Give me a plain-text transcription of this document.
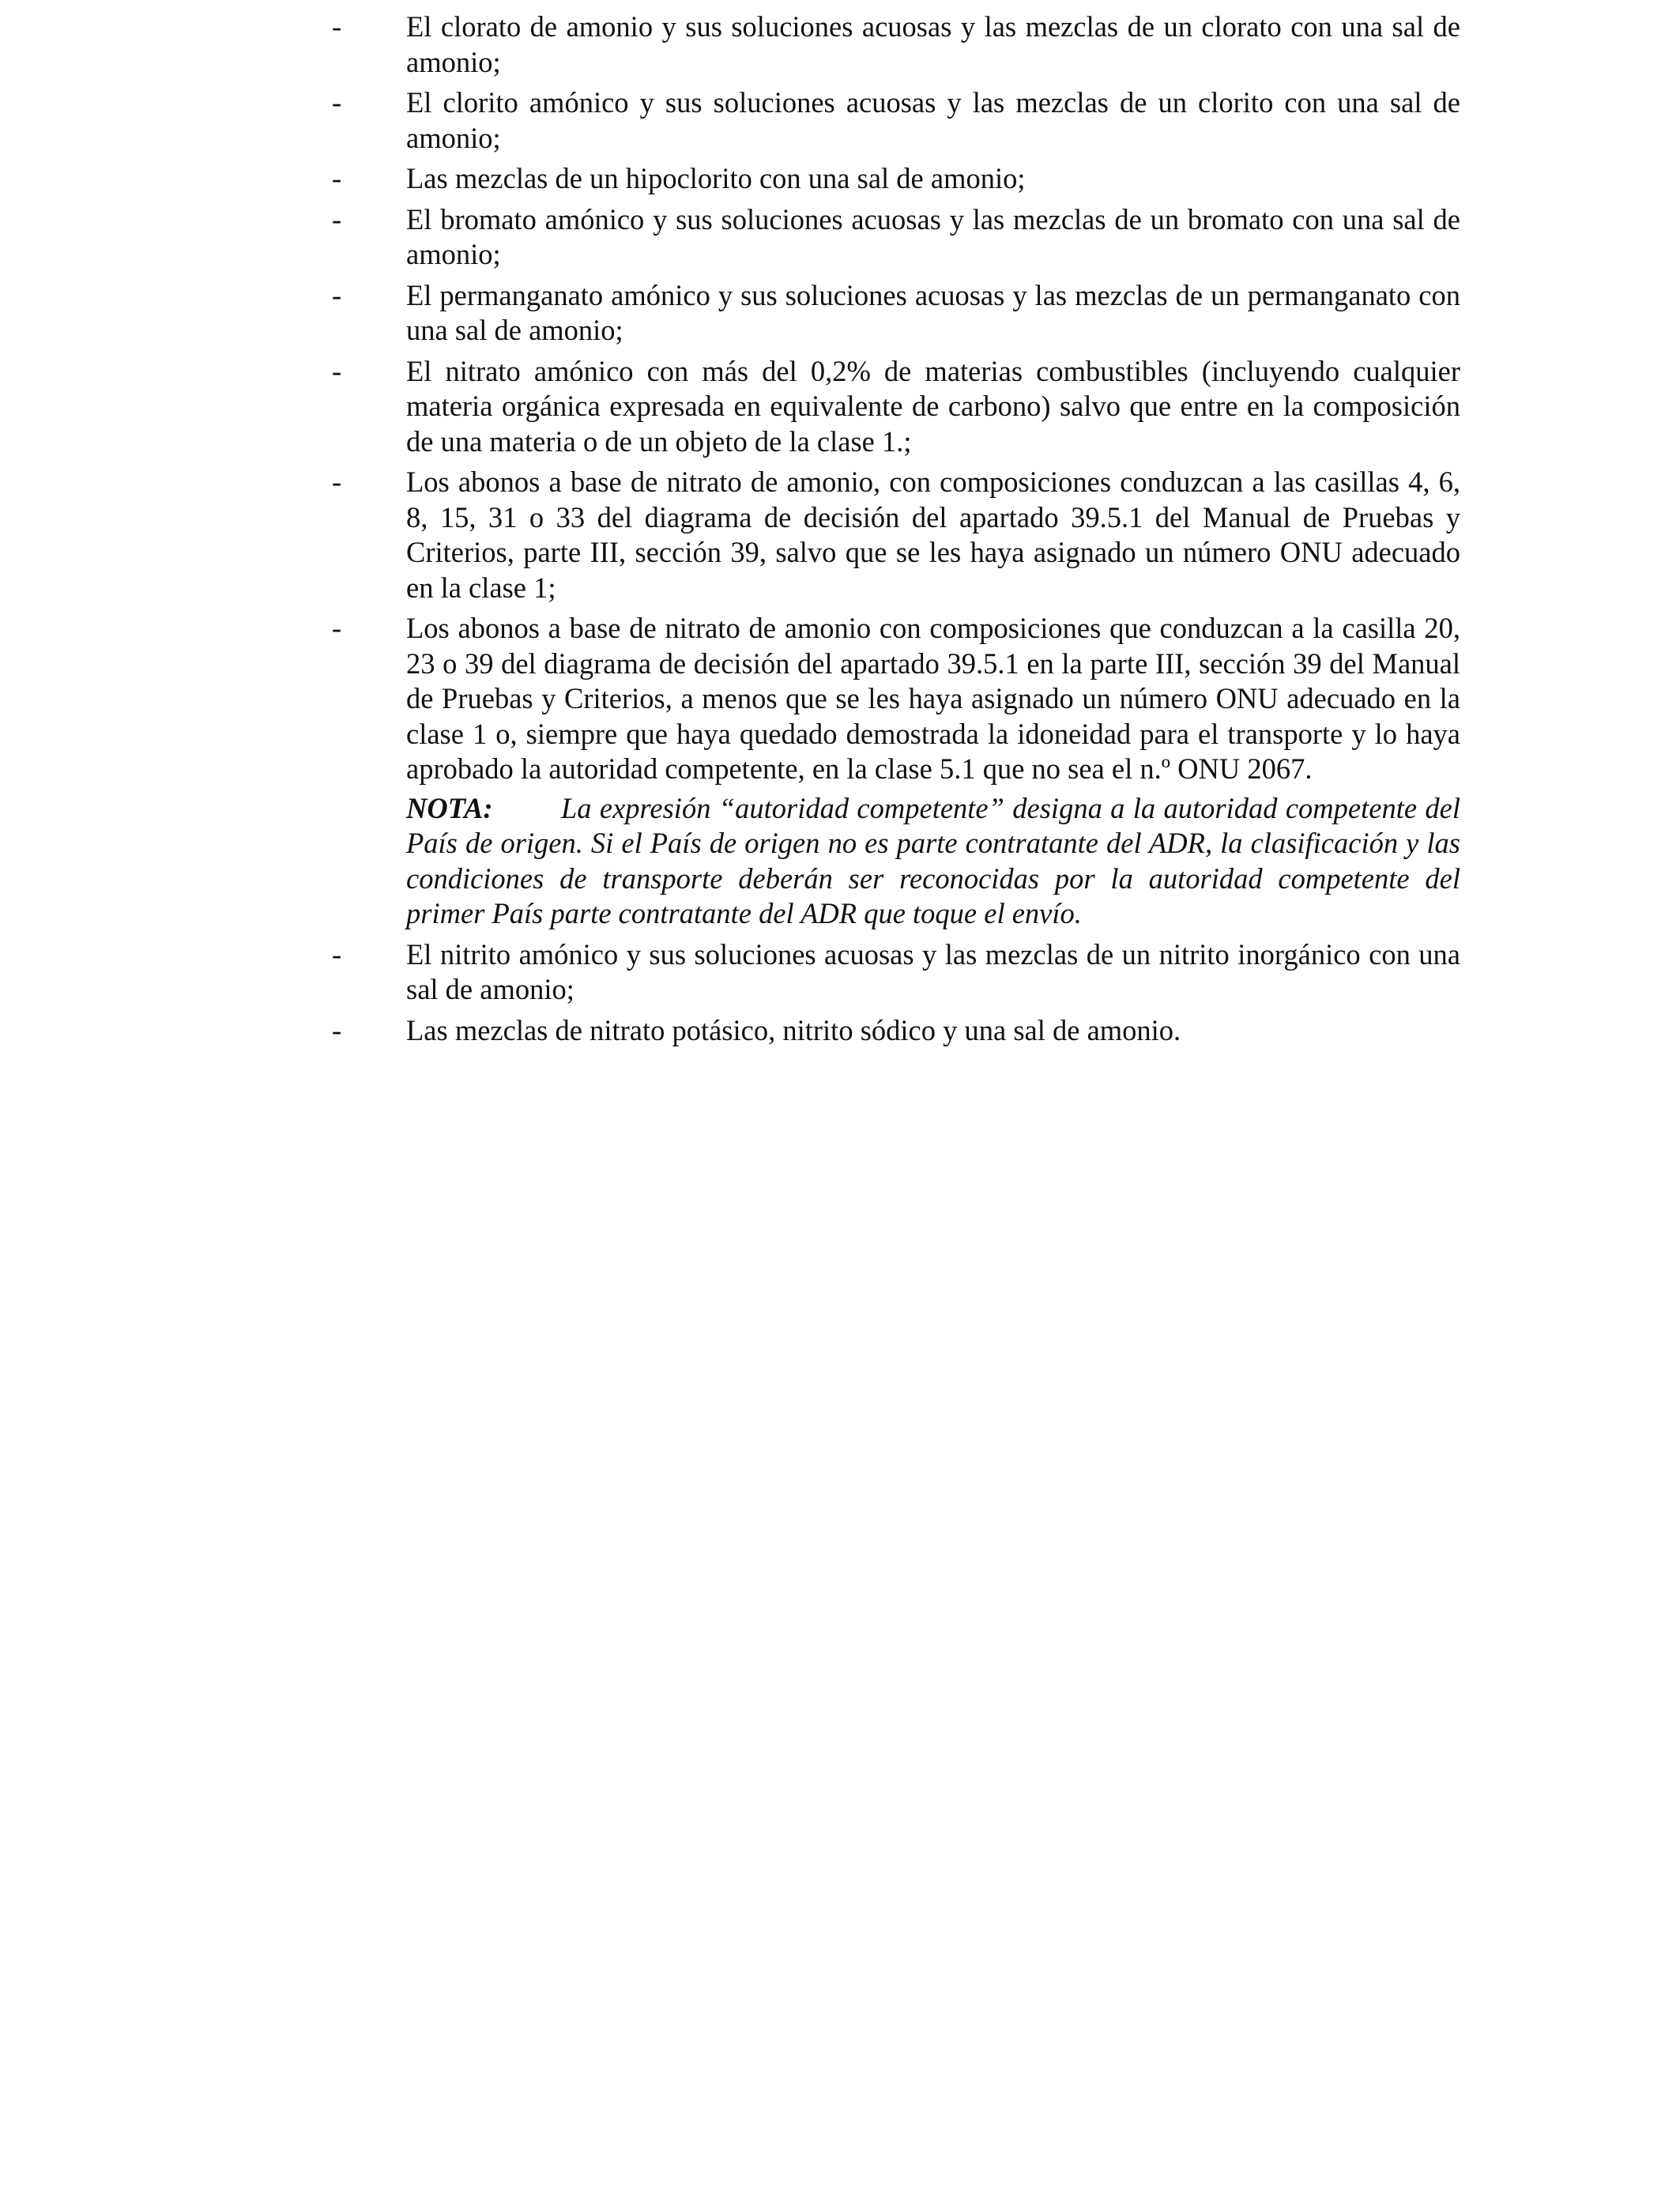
- El clorato de amonio y sus soluciones acuosas y las mezclas de un clorato con una sal de amonio;
- El clorito amónico y sus soluciones acuosas y las mezclas de un clorito con una sal de amonio;
- Las mezclas de un hipoclorito con una sal de amonio;
- El bromato amónico y sus soluciones acuosas y las mezclas de un bromato con una sal de amonio;
- El permanganato amónico y sus soluciones acuosas y las mezclas de un permanganato con una sal de amonio;
- El nitrato amónico con más del 0,2% de materias combustibles (incluyendo cualquier materia orgánica expresada en equivalente de carbono) salvo que entre en la composición de una materia o de un objeto de la clase 1.;
- Los abonos a base de nitrato de amonio, con composiciones conduzcan a las casillas 4, 6, 8, 15, 31 o 33 del diagrama de decisión del apartado 39.5.1 del Manual de Pruebas y Criterios, parte III, sección 39, salvo que se les haya asignado un número ONU adecuado en la clase 1;
- Los abonos a base de nitrato de amonio con composiciones que conduzcan a la casilla 20, 23 o 39 del diagrama de decisión del apartado 39.5.1 en la parte III, sección 39 del Manual de Pruebas y Criterios, a menos que se les haya asignado un número ONU adecuado en la clase 1 o, siempre que haya quedado demostrada la idoneidad para el transporte y lo haya aprobado la autoridad competente, en la clase 5.1 que no sea el n.º ONU 2067.
NOTA: La expresión “autoridad competente” designa a la autoridad competente del País de origen. Si el País de origen no es parte contratante del ADR, la clasificación y las condiciones de transporte deberán ser reconocidas por la autoridad competente del primer País parte contratante del ADR que toque el envío.
- El nitrito amónico y sus soluciones acuosas y las mezclas de un nitrito inorgánico con una sal de amonio;
- Las mezclas de nitrato potásico, nitrito sódico y una sal de amonio.
